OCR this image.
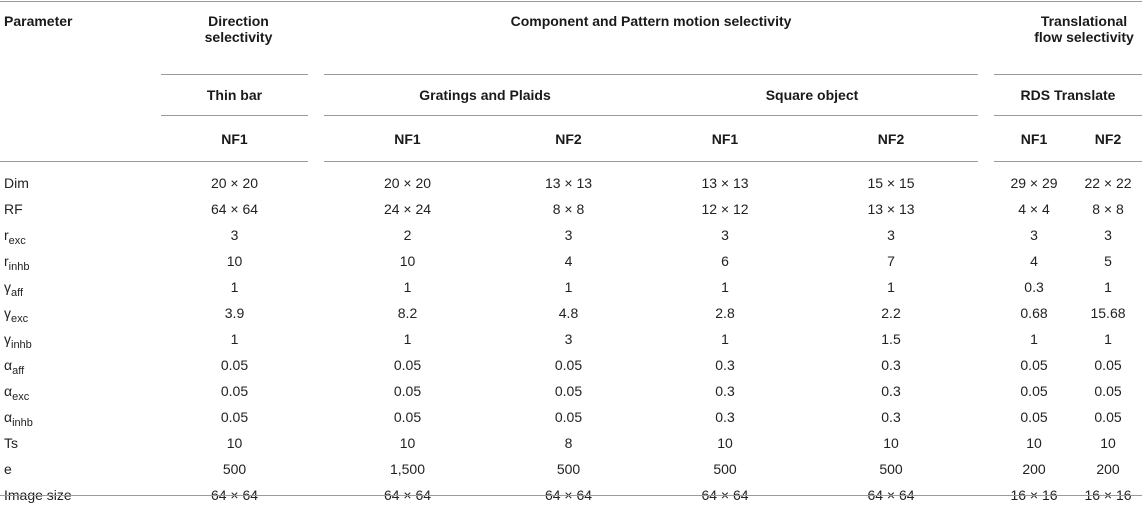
Parameter	Direction selectivity	Component and Pattern motion selectivity				Translational flow selectivity	
	Thin bar	Gratings and Plaids		Square object		RDS Translate	
	NF1	NF1	NF2	NF1	NF2	NF1	NF2
Dim	20 × 20	20 × 20	13 × 13	13 × 13	15 × 15	29 × 29	22 × 22
RF	64 × 64	24 × 24	8 × 8	12 × 12	13 × 13	4 × 4	8 × 8
$r_{exc}$	3	2	3	3	3	3	3
$r_{inhb}$	10	10	4	6	7	4	5
$\gamma_{aff}$	1	1	1	1	1	0.3	1
$\gamma_{exc}$	3.9	8.2	4.8	2.8	2.2	0.68	15.68
$\gamma_{inhb}$	1	1	3	1	1.5	1	1
$\alpha_{aff}$	0.05	0.05	0.05	0.3	0.3	0.05	0.05
$\alpha_{exc}$	0.05	0.05	0.05	0.3	0.3	0.05	0.05
$\alpha_{inhb}$	0.05	0.05	0.05	0.3	0.3	0.05	0.05
Ts	10	10	8	10	10	10	10
e	500	1,500	500	500	500	200	200
Image size	64 × 64	64 × 64	64 × 64	64 × 64	64 × 64	16 × 16	16 × 16
